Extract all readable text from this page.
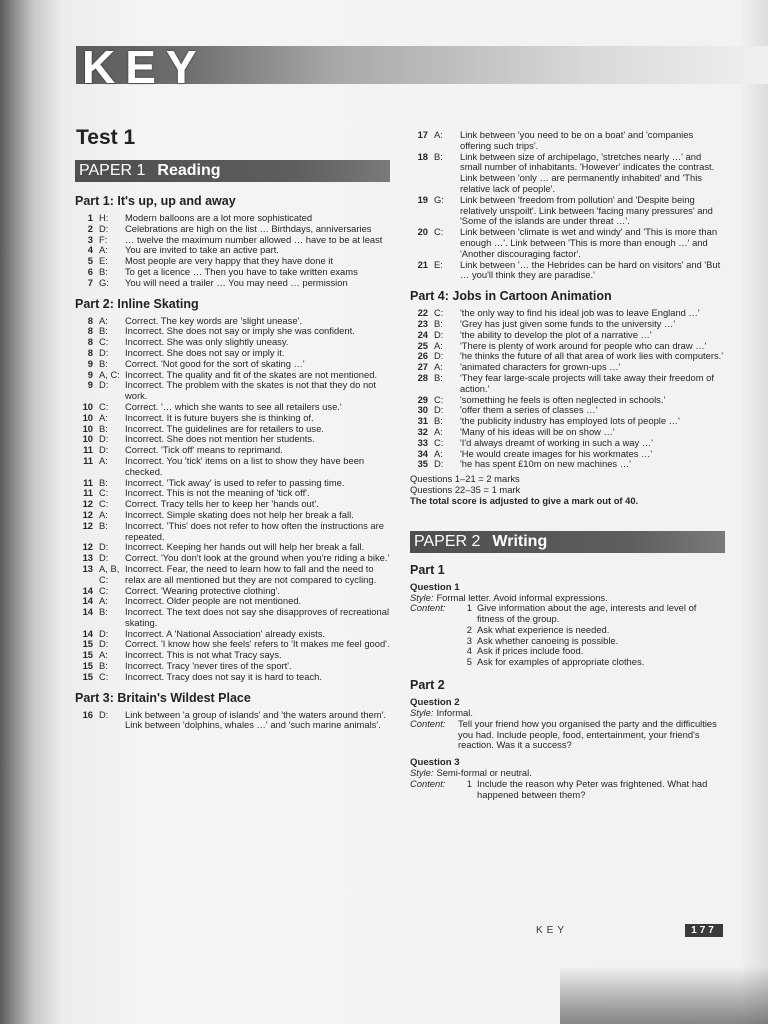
KEY
Test 1
PAPER 1 Reading
Part 1: It's up, up and away
1 H:	Modern balloons are a lot more sophisticated
2 D:	Celebrations are high on the list … Birthdays, anniversaries
3 F:	… twelve the maximum number allowed … have to be at least
4 A:	You are invited to take an active part.
5 E:	Most people are very happy that they have done it
6 B:	To get a licence … Then you have to take written exams
7 G:	You will need a trailer … You may need … permission
Part 2: Inline Skating
8 A:	Correct. The key words are 'slight unease'.
8 B:	Incorrect. She does not say or imply she was confident.
8 C:	Incorrect. She was only slightly uneasy.
8 D:	Incorrect. She does not say or imply it.
9 B:	Correct. 'Not good for the sort of skating …'
9 A, C: Incorrect. The quality and fit of the skates are not mentioned.
9 D:	Incorrect. The problem with the skates is not that they do not work.
10 C:	Correct. '… which she wants to see all retailers use.'
10 A:	Incorrect. It is future buyers she is thinking of.
10 B:	Incorrect. The guidelines are for retailers to use.
10 D:	Incorrect. She does not mention her students.
11 D:	Correct. 'Tick off' means to reprimand.
11 A:	Incorrect. You 'tick' items on a list to show they have been checked.
11 B:	Incorrect. 'Tick away' is used to refer to passing time.
11 C:	Incorrect. This is not the meaning of 'tick off'.
12 C:	Correct. Tracy tells her to keep her 'hands out'.
12 A:	Incorrect. Simple skating does not help her break a fall.
12 B:	Incorrect. 'This' does not refer to how often the instructions are repeated.
12 D:	Incorrect. Keeping her hands out will help her break a fall.
13 D:	Correct. 'You don't look at the ground when you're riding a bike.'
13 A, B, C:
Incorrect. Fear, the need to learn how to fall and the need to relax are all mentioned but they are not compared to cycling.
14 C:	Correct. 'Wearing protective clothing'.
14 A:	Incorrect. Older people are not mentioned.
14 B:	Incorrect. The text does not say she disapproves of recreational skating.
14 D:	Incorrect. A 'National Association' already exists.
15 D:	Correct. 'I know how she feels' refers to 'It makes me feel good'.
15 A:	Incorrect. This is not what Tracy says.
15 B:	Incorrect. Tracy 'never tires of the sport'.
15 C:	Incorrect. Tracy does not say it is hard to teach.
Part 3: Britain's Wildest Place
16 D:	Link between 'a group of islands' and 'the waters around them'. Link between 'dolphins, whales …' and 'such marine animals'.
17 A:	Link between 'you need to be on a boat' and 'companies offering such trips'.
18 B:	Link between size of archipelago, 'stretches nearly …' and small number of inhabitants. 'However' indicates the contrast. Link between 'only … are permanently inhabited' and 'This relative lack of people'.
19 G:	Link between 'freedom from pollution' and 'Despite being relatively unspoilt'. Link between 'facing many pressures' and 'Some of the islands are under threat …'.
20 C:	Link between 'climate is wet and windy' and 'This is more than enough …'. Link between 'This is more than enough …' and 'Another discouraging factor'.
21 E:	Link between '… the Hebrides can be hard on visitors' and 'But … you'll think they are paradise.'
Part 4: Jobs in Cartoon Animation
22 C:	'the only way to find his ideal job was to leave England …'
23 B:	'Grey has just given some funds to the university …'
24 D:	'the ability to develop the plot of a narrative …'
25 A:	'There is plenty of work around for people who can draw …'
26 D:	'he thinks the future of all that area of work lies with computers.'
27 A:	'animated characters for grown-ups …'
28 B:	'They fear large-scale projects will take away their freedom of action.'
29 C:	'something he feels is often neglected in schools.'
30 D:	'offer them a series of classes …'
31 B:	'the publicity industry has employed lots of people …'
32 A:	'Many of his ideas will be on show …'
33 C:	'I'd always dreamt of working in such a way …'
34 A:	'He would create images for his workmates …'
35 D:	'he has spent £10m on new machines …'
Questions 1–21 = 2 marks
Questions 22–35 = 1 mark
The total score is adjusted to give a mark out of 40.
PAPER 2 Writing
Part 1
Question 1
Style: Formal letter. Avoid informal expressions.
Content:	1 Give information about the age, interests and level of fitness of the group.
2 Ask what experience is needed.
3 Ask whether canoeing is possible.
4 Ask if prices include food.
5 Ask for examples of appropriate clothes.
Part 2
Question 2
Style: Informal.
Content:	Tell your friend how you organised the party and the difficulties you had. Include people, food, entertainment, your friend's reaction. Was it a success?
Question 3
Style: Semi-formal or neutral.
Content:	1 Include the reason why Peter was frightened. What had happened between them?
KEY	177
